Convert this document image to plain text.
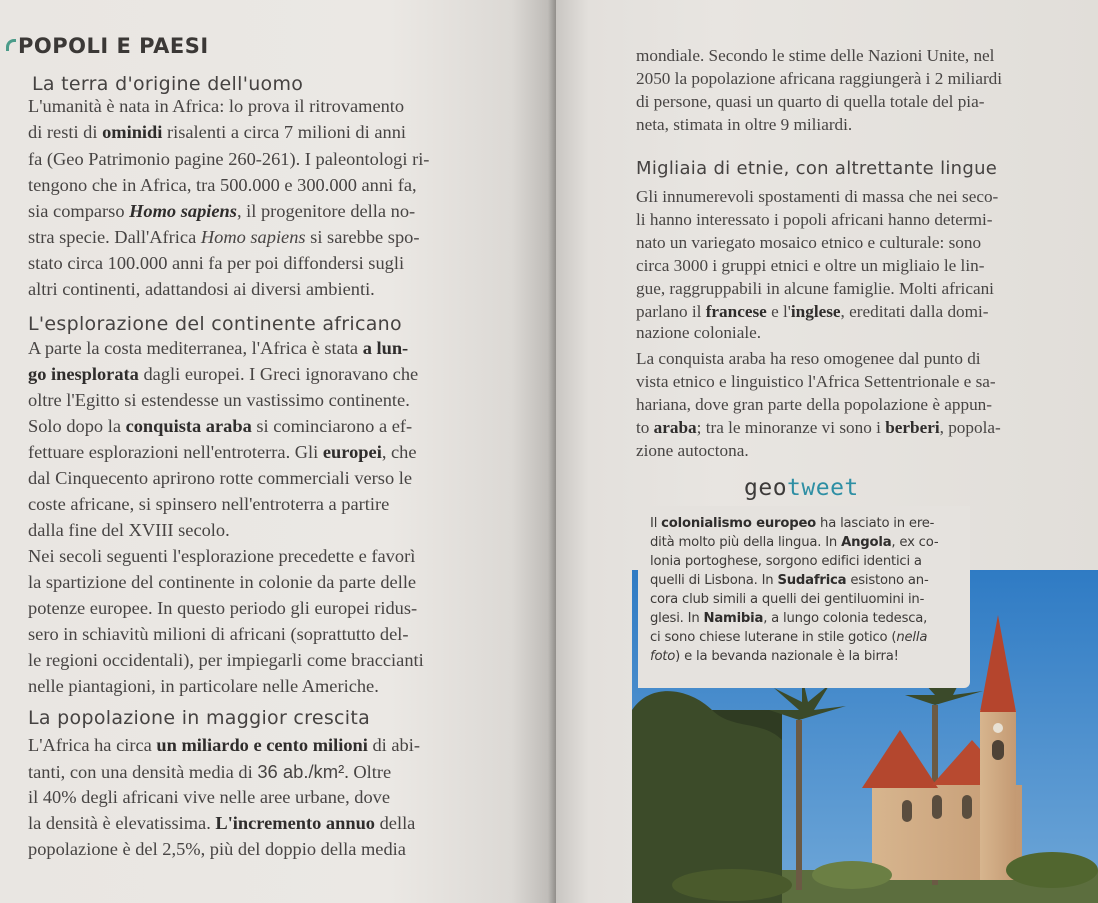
POPOLI E PAESI
La terra d'origine dell'uomo
L'umanità è nata in Africa: lo prova il ritrovamento
di resti di ominidi risalenti a circa 7 milioni di anni
fa (Geo Patrimonio pagine 260-261). I paleontologi ri-
tengono che in Africa, tra 500.000 e 300.000 anni fa,
sia comparso Homo sapiens, il progenitore della no-
stra specie. Dall'Africa Homo sapiens si sarebbe spo-
stato circa 100.000 anni fa per poi diffondersi sugli
altri continenti, adattandosi ai diversi ambienti.
L'esplorazione del continente africano
A parte la costa mediterranea, l'Africa è stata a lun-
go inesplorata dagli europei. I Greci ignoravano che
oltre l'Egitto si estendesse un vastissimo continente.
Solo dopo la conquista araba si cominciarono a ef-
fettuare esplorazioni nell'entroterra. Gli europei, che
dal Cinquecento aprirono rotte commerciali verso le
coste africane, si spinsero nell'entroterra a partire
dalla fine del XVIII secolo.
Nei secoli seguenti l'esplorazione precedette e favorì
la spartizione del continente in colonie da parte delle
potenze europee. In questo periodo gli europei ridus-
sero in schiavitù milioni di africani (soprattutto del-
le regioni occidentali), per impiegarli come braccianti
nelle piantagioni, in particolare nelle Americhe.
La popolazione in maggior crescita
L'Africa ha circa un miliardo e cento milioni di abi-
tanti, con una densità media di 36 ab./km². Oltre
il 40% degli africani vive nelle aree urbane, dove
la densità è elevatissima. L'incremento annuo della
popolazione è del 2,5%, più del doppio della media
mondiale. Secondo le stime delle Nazioni Unite, nel
2050 la popolazione africana raggiungerà i 2 miliardi
di persone, quasi un quarto di quella totale del pia-
neta, stimata in oltre 9 miliardi.
Migliaia di etnie, con altrettante lingue
Gli innumerevoli spostamenti di massa che nei seco-
li hanno interessato i popoli africani hanno determi-
nato un variegato mosaico etnico e culturale: sono
circa 3000 i gruppi etnici e oltre un migliaio le lin-
gue, raggruppabili in alcune famiglie. Molti africani
parlano il francese e l'inglese, ereditati dalla domi-
nazione coloniale.
La conquista araba ha reso omogenee dal punto di
vista etnico e linguistico l'Africa Settentrionale e sa-
hariana, dove gran parte della popolazione è appun-
to araba; tra le minoranze vi sono i berberi, popola-
zione autoctona.
geotweet
Il colonialismo europeo ha lasciato in ere-
dità molto più della lingua. In Angola, ex co-
lonia portoghese, sorgono edifici identici a
quelli di Lisbona. In Sudafrica esistono an-
cora club simili a quelli dei gentiluomini in-
glesi. In Namibia, a lungo colonia tedesca,
ci sono chiese luterane in stile gotico (nella
foto) e la bevanda nazionale è la birra!
